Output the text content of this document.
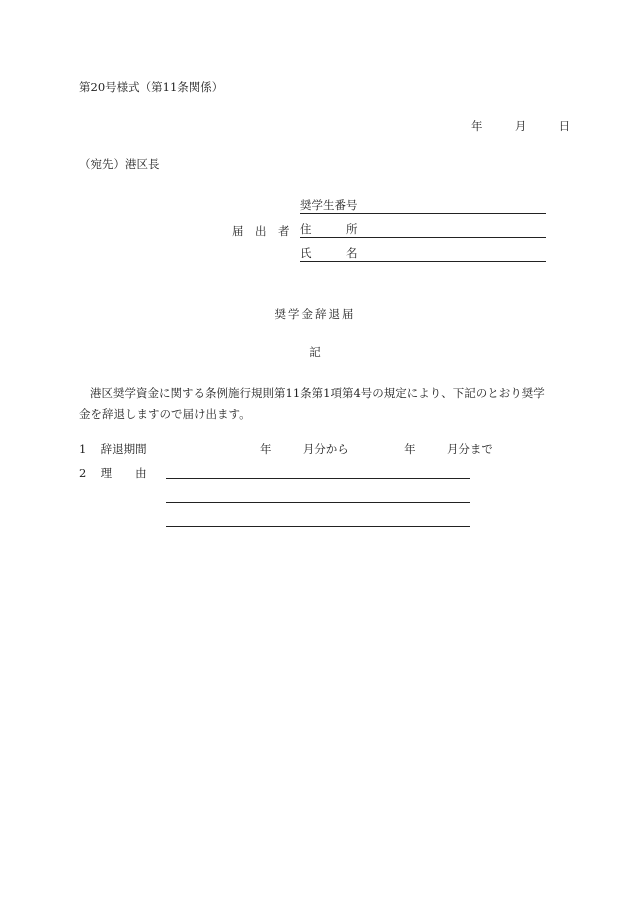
第20号様式（第11条関係）
年	月	日
（宛先）港区長
届　出　者
奨学生番号
住　　　所
氏　　　名
奨学金辞退届
記
港区奨学資金に関する条例施行規則第11条第1項第4号の規定により、下記のとおり奨学金を辞退しますので届け出ます。
1 辞退期間	年	月分から	年	月分まで
2 理　　由
